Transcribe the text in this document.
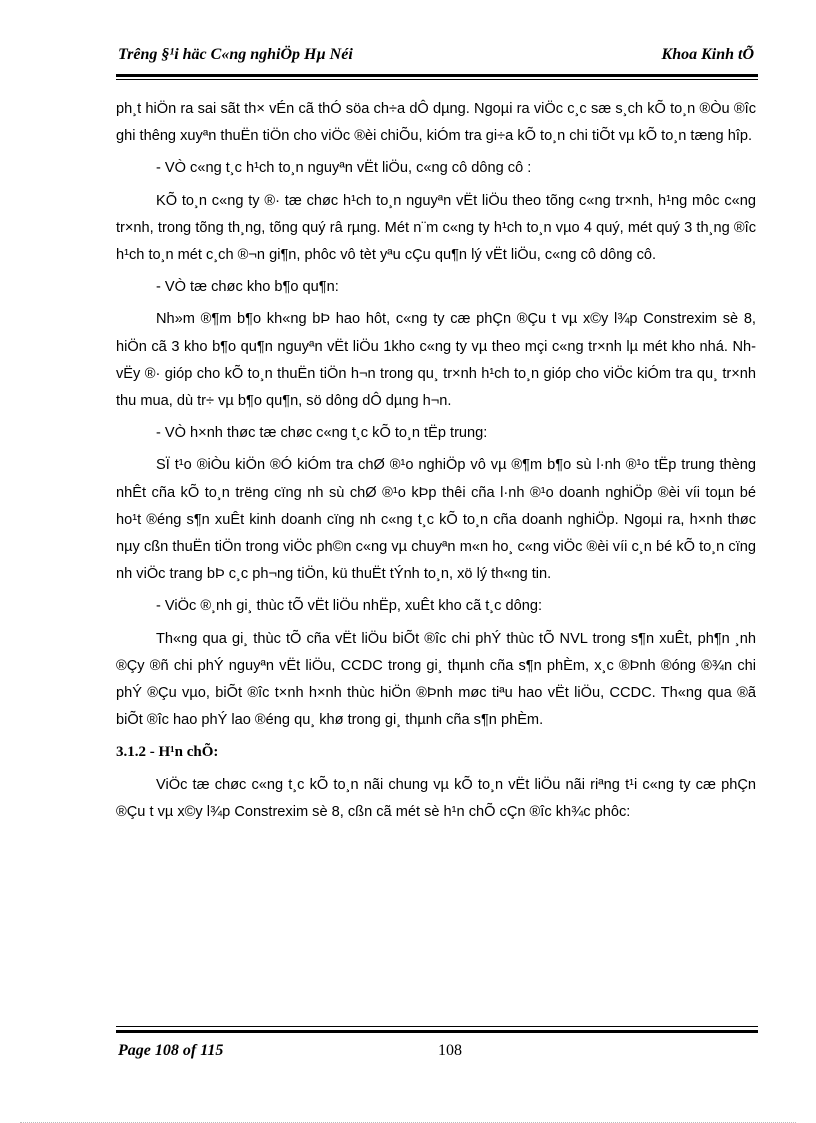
Trêng §¹i häc C«ng nghiÖp Hµ Néi	Khoa Kinh tÕ

ph¸t hiÖn ra sai sãt th× vÉn cã thÓ söa ch÷a dÔ dµng. Ngoµi ra viÖc c¸c sæ s¸ch kÕ to¸n ®Òu ®îc ghi thêng xuyªn thuËn tiÖn cho viÖc ®èi chiÕu, kiÓm tra gi÷a kÕ to¸n chi tiÕt vµ kÕ to¸n tæng hîp.

- VÒ c«ng t¸c h¹ch to¸n nguyªn vËt liÖu, c«ng cô dông cô :

KÕ to¸n c«ng ty ®· tæ chøc h¹ch to¸n nguyªn vËt liÖu theo tõng c«ng tr×nh, h¹ng môc c«ng tr×nh, trong tõng th¸ng, tõng quý râ rµng. Mét n¨m c«ng ty h¹ch to¸n vµo 4 quý, mét quý 3 th¸ng ®îc h¹ch to¸n mét c¸ch ®¬n gi¶n, phôc vô tèt yªu cÇu qu¶n lý vËt liÖu, c«ng cô dông cô.

- VÒ tæ chøc kho b¶o qu¶n:

Nh»m ®¶m b¶o kh«ng bÞ hao hôt, c«ng ty cæ phÇn ®Çu t vµ x©y l¾p Constrexim sè 8, hiÖn cã 3 kho b¶o qu¶n nguyªn vËt liÖu 1kho c«ng ty vµ theo mçi c«ng tr×nh lµ mét kho nhá. Nh vËy ®· gióp cho kÕ to¸n thuËn tiÖn h¬n trong qu¸ tr×nh h¹ch to¸n gióp cho viÖc kiÓm tra qu¸ tr×nh thu mua, dù tr÷ vµ b¶o qu¶n, sö dông dÔ dµng h¬n.

- VÒ h×nh thøc tæ chøc c«ng t¸c kÕ to¸n tËp trung:

SÏ t¹o ®iÒu kiÖn ®Ó kiÓm tra chØ ®¹o nghiÖp vô vµ ®¶m b¶o sù l·nh ®¹o tËp trung thèng nhÊt cña kÕ to¸n trëng cïng nh sù chØ ®¹o kÞp thêi cña l·nh ®¹o doanh nghiÖp ®èi víi toµn bé ho¹t ®éng s¶n xuÊt kinh doanh cïng nh c«ng t¸c kÕ to¸n cña doanh nghiÖp. Ngoµi ra, h×nh thøc nµy cßn thuËn tiÖn trong viÖc ph©n c«ng vµ chuyªn m«n ho¸ c«ng viÖc ®èi víi c¸n bé kÕ to¸n cïng nh viÖc trang bÞ c¸c ph¬ng tiÖn, kü thuËt tÝnh to¸n, xö lý th«ng tin.

- ViÖc ®¸nh gi¸ thùc tÕ vËt liÖu nhËp, xuÊt kho cã t¸c dông:

Th«ng qua gi¸ thùc tÕ cña vËt liÖu biÕt ®îc chi phÝ thùc tÕ NVL trong s¶n xuÊt, ph¶n ¸nh ®Çy ®ñ chi phÝ nguyªn vËt liÖu, CCDC trong gi¸ thµnh cña s¶n phÈm, x¸c ®Þnh ®óng ®¾n chi phÝ ®Çu vµo, biÕt ®îc t×nh h×nh thùc hiÖn ®Þnh møc tiªu hao vËt liÖu, CCDC. Th«ng qua ®ã biÕt ®îc hao phÝ lao ®éng qu¸ khø trong gi¸ thµnh cña s¶n phÈm.

3.1.2 - H¹n chÕ:

ViÖc tæ chøc c«ng t¸c kÕ to¸n nãi chung vµ kÕ to¸n vËt liÖu nãi riªng t¹i c«ng ty cæ phÇn ®Çu t vµ x©y l¾p Constrexim sè 8, cßn cã mét sè h¹n chÕ cÇn ®îc kh¾c phôc:

Page 108 of 115	108
